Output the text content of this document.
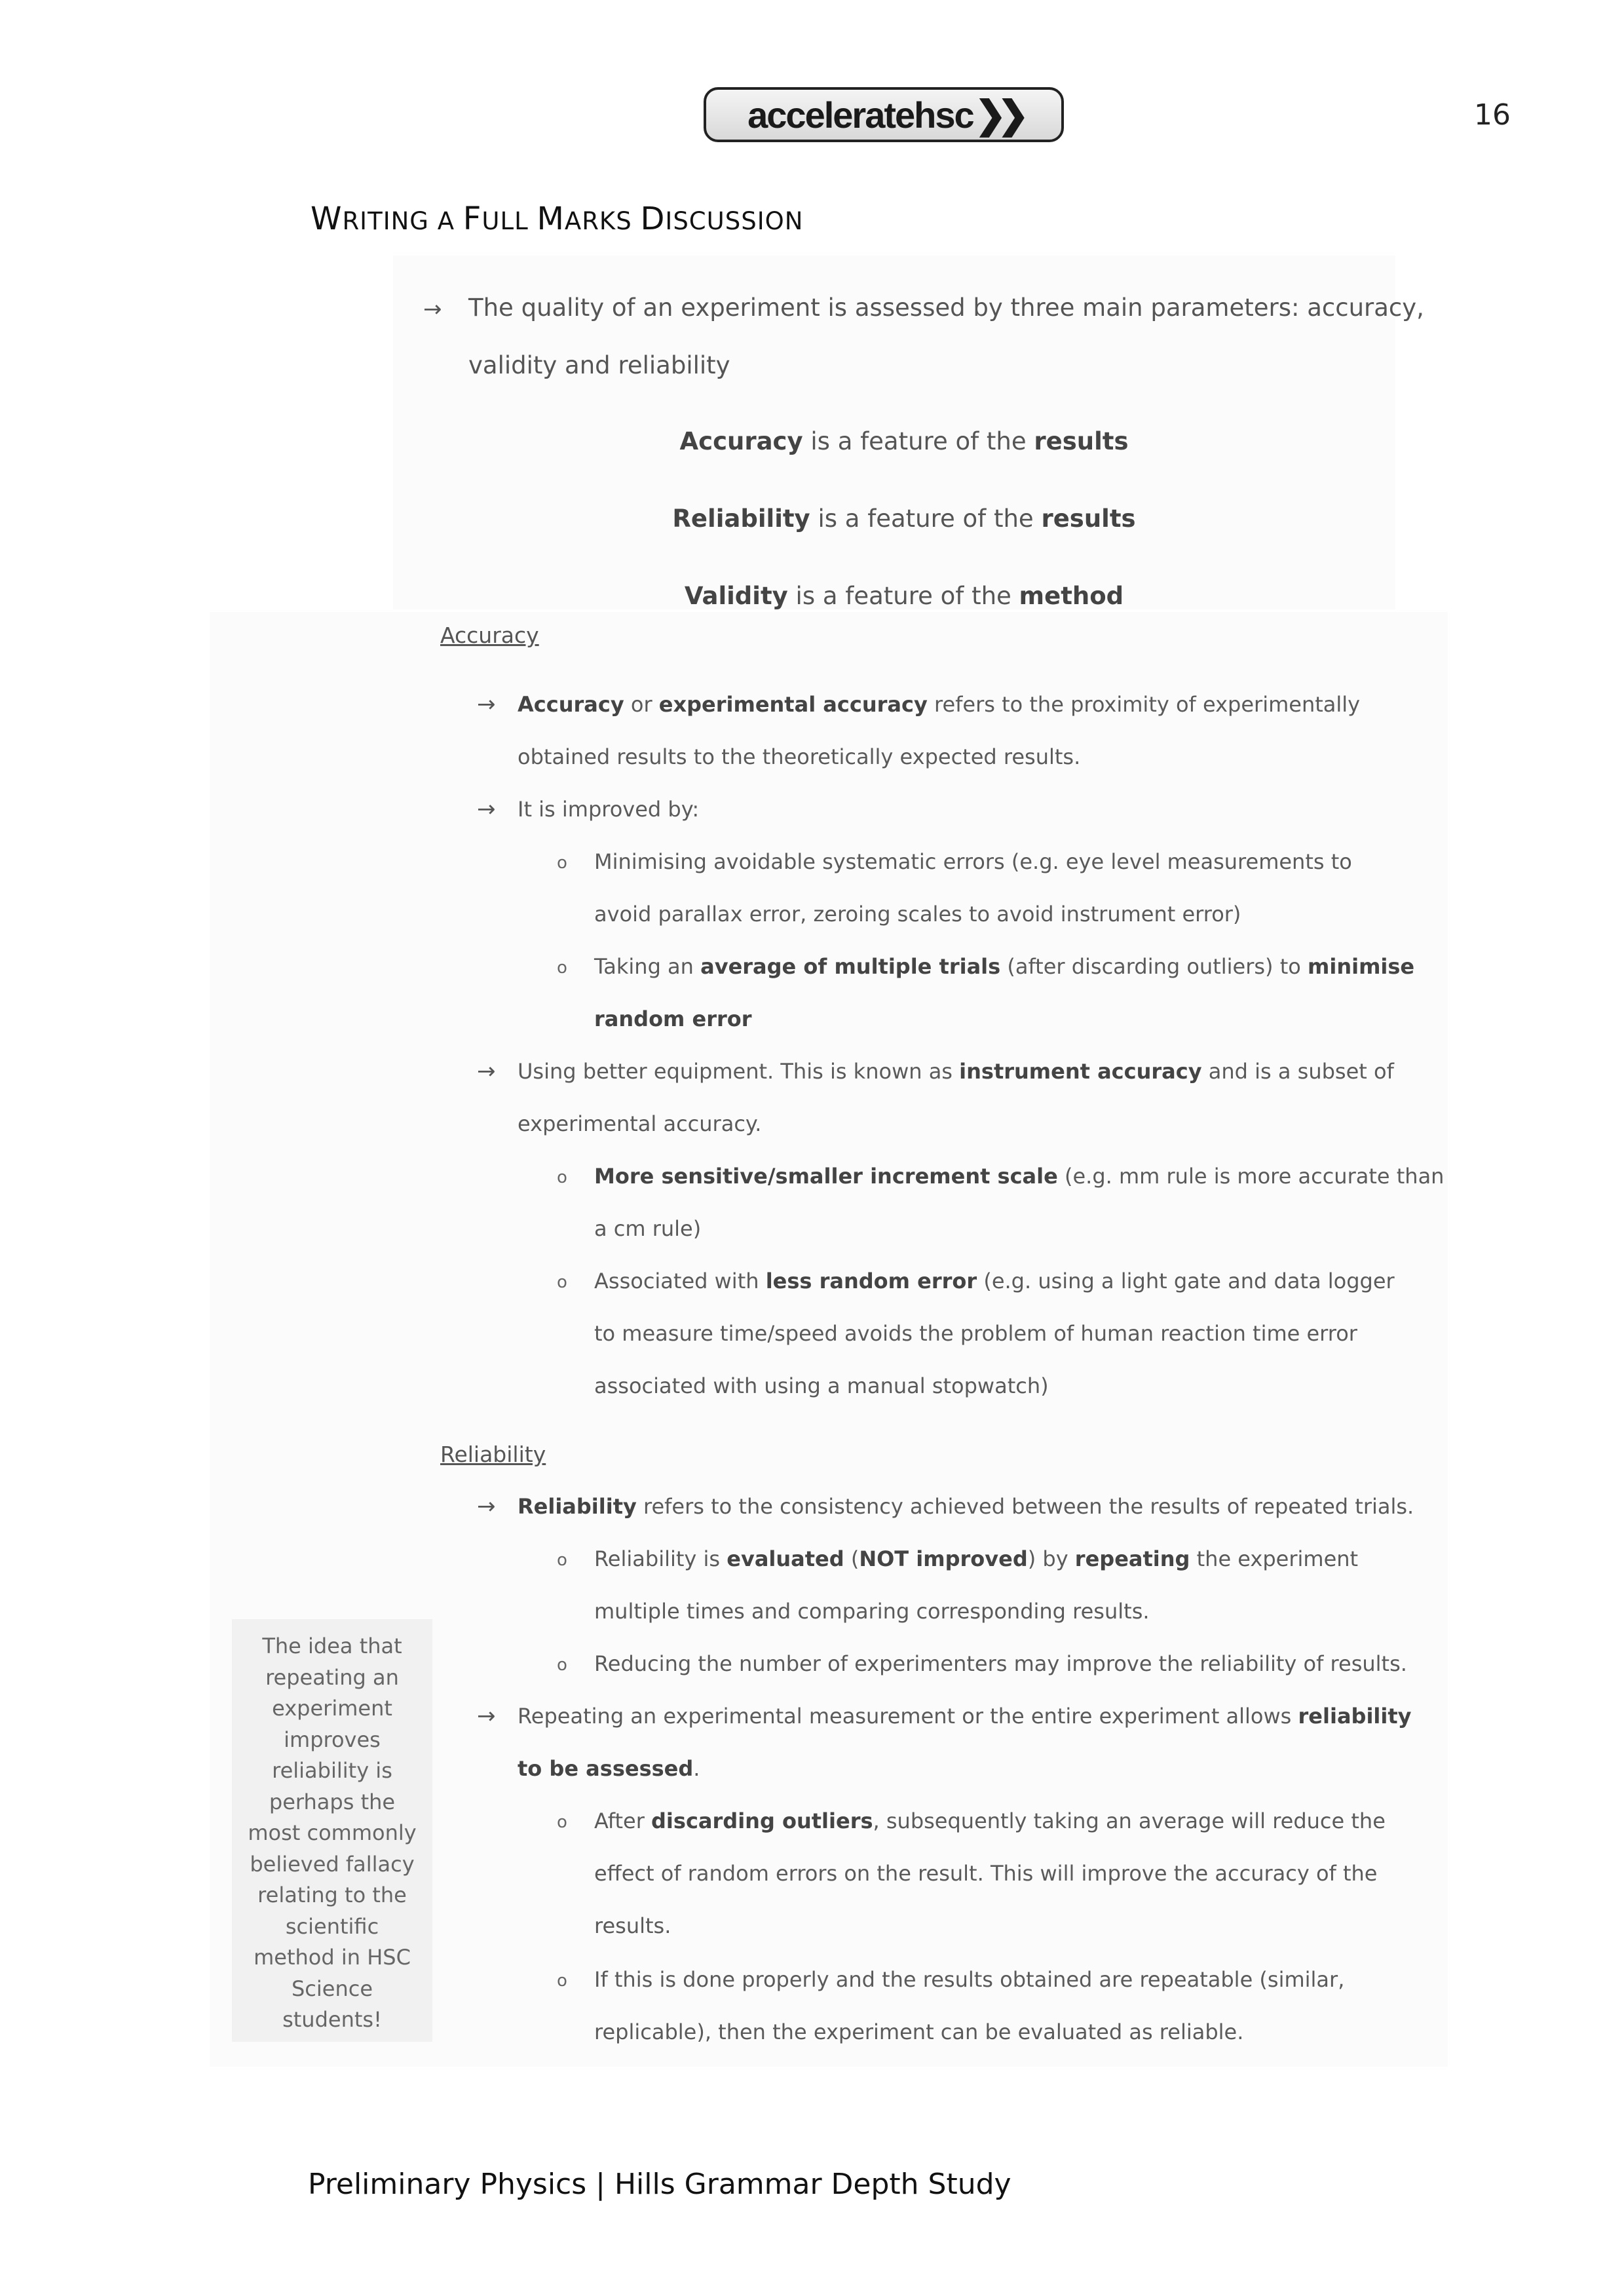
acceleratehsc ❯❯	16
WRITING A FULL MARKS DISCUSSION
→ The quality of an experiment is assessed by three main parameters: accuracy,
validity and reliability
Accuracy is a feature of the results
Reliability is a feature of the results
Validity is a feature of the method
Accuracy
→ Accuracy or experimental accuracy refers to the proximity of experimentally
obtained results to the theoretically expected results.
→ It is improved by:
o Minimising avoidable systematic errors (e.g. eye level measurements to
avoid parallax error, zeroing scales to avoid instrument error)
o Taking an average of multiple trials (after discarding outliers) to minimise
random error
→ Using better equipment. This is known as instrument accuracy and is a subset of
experimental accuracy.
o More sensitive/smaller increment scale (e.g. mm rule is more accurate than
a cm rule)
o Associated with less random error (e.g. using a light gate and data logger
to measure time/speed avoids the problem of human reaction time error
associated with using a manual stopwatch)
Reliability
→ Reliability refers to the consistency achieved between the results of repeated trials.
o Reliability is evaluated (NOT improved) by repeating the experiment
multiple times and comparing corresponding results.
o Reducing the number of experimenters may improve the reliability of results.
→ Repeating an experimental measurement or the entire experiment allows reliability
to be assessed.
o After discarding outliers, subsequently taking an average will reduce the
effect of random errors on the result. This will improve the accuracy of the
results.
o If this is done properly and the results obtained are repeatable (similar,
replicable), then the experiment can be evaluated as reliable.
The idea that
repeating an
experiment
improves
reliability is
perhaps the
most commonly
believed fallacy
relating to the
scientific
method in HSC
Science
students!
Preliminary Physics | Hills Grammar Depth Study
